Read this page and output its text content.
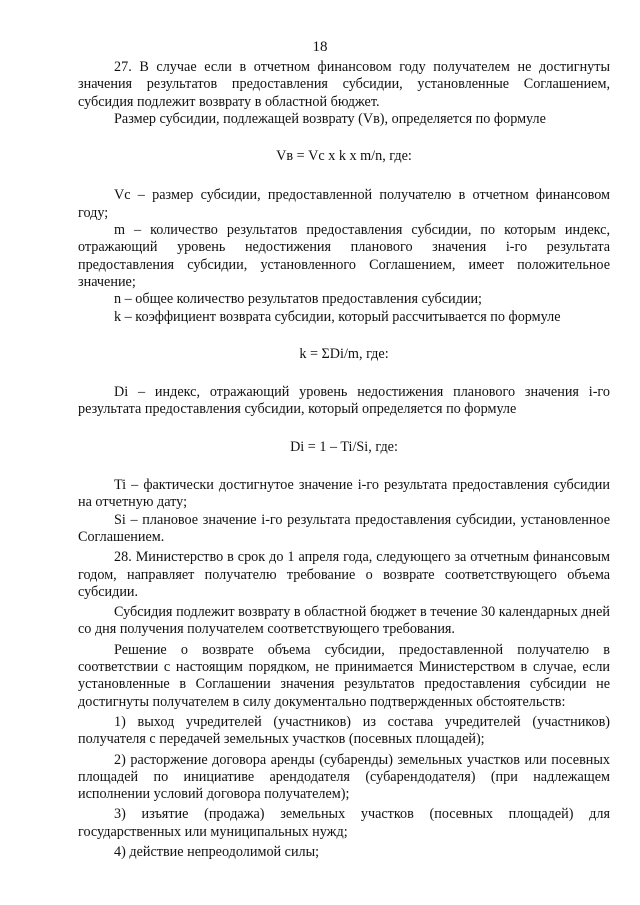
18

27. В случае если в отчетном финансовом году получателем не достигнуты значения результатов предоставления субсидии, установленные Соглашением, субсидия подлежит возврату в областной бюджет.

Размер субсидии, подлежащей возврату (Vв), определяется по формуле

Vв = Vс x k x m/n, где:

Vс – размер субсидии, предоставленной получателю в отчетном финансовом году;

m – количество результатов предоставления субсидии, по которым индекс, отражающий уровень недостижения планового значения i-го результата предоставления субсидии, установленного Соглашением, имеет положительное значение;

n – общее количество результатов предоставления субсидии;

k – коэффициент возврата субсидии, который рассчитывается по формуле

k = ΣDi/m, где:

Di – индекс, отражающий уровень недостижения планового значения i-го результата предоставления субсидии, который определяется по формуле

Di = 1 – Ti/Si, где:

Ti – фактически достигнутое значение i-го результата предоставления субсидии на отчетную дату;

Si – плановое значение i-го результата предоставления субсидии, установленное Соглашением.

28. Министерство в срок до 1 апреля года, следующего за отчетным финансовым годом, направляет получателю требование о возврате соответствующего объема субсидии.

Субсидия подлежит возврату в областной бюджет в течение 30 календарных дней со дня получения получателем соответствующего требования.

Решение о возврате объема субсидии, предоставленной получателю в соответствии с настоящим порядком, не принимается Министерством в случае, если установленные в Соглашении значения результатов предоставления субсидии не достигнуты получателем в силу документально подтвержденных обстоятельств:

1) выход учредителей (участников) из состава учредителей (участников) получателя с передачей земельных участков (посевных площадей);

2) расторжение договора аренды (субаренды) земельных участков или посевных площадей по инициативе арендодателя (субарендодателя) (при надлежащем исполнении условий договора получателем);

3) изъятие (продажа) земельных участков (посевных площадей) для государственных или муниципальных нужд;

4) действие непреодолимой силы;
